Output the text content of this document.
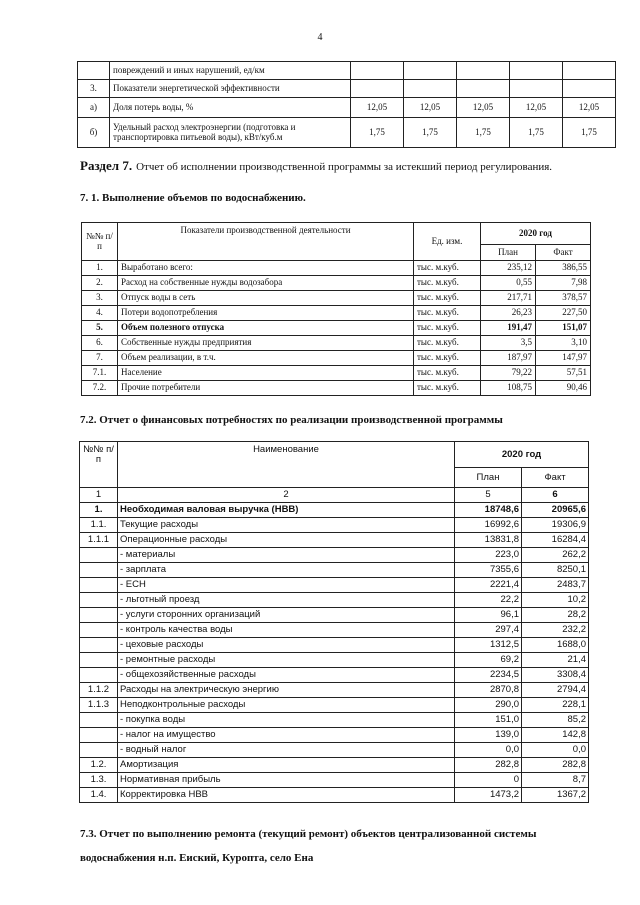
4
	повреждений и иных нарушений, ед/км					
3.	Показатели энергетической эффективности					
а)	Доля потерь воды, %	12,05	12,05	12,05	12,05	12,05
б)	Удельный расход электроэнергии (подготовка и транспортировка питьевой воды), кВт/куб.м	1,75	1,75	1,75	1,75	1,75
Раздел 7. Отчет об исполнении производственной программы за истекший период регулирования.
7. 1. Выполнение объемов по водоснабжению.
№№ п/п	Показатели производственной деятельности	Ед. изм.	2020 год	
			План	Факт
1.	Выработано всего:	тыс. м.куб.	235,12	386,55
2.	Расход на собственные нужды водозабора	тыс. м.куб.	0,55	7,98
3.	Отпуск воды в сеть	тыс. м.куб.	217,71	378,57
4.	Потери водопотребления	тыс. м.куб.	26,23	227,50
5.	Объем полезного отпуска	тыс. м.куб.	191,47	151,07
6.	Собственные нужды предприятия	тыс. м.куб.	3,5	3,10
7.	Объем реализации, в т.ч.	тыс. м.куб.	187,97	147,97
7.1.	Население	тыс. м.куб.	79,22	57,51
7.2.	Прочие потребители	тыс. м.куб.	108,75	90,46
7.2. Отчет о финансовых потребностях по реализации производственной программы
№№ п/п	Наименование	2020 год	
		План	Факт
1	2	5	6
1.	Необходимая валовая выручка (НВВ)	18748,6	20965,6
1.1.	Текущие расходы	16992,6	19306,9
1.1.1	Операционные расходы	13831,8	16284,4
	- материалы	223,0	262,2
	- зарплата	7355,6	8250,1
	- ЕСН	2221,4	2483,7
	- льготный проезд	22,2	10,2
	- услуги сторонних организаций	96,1	28,2
	- контроль качества воды	297,4	232,2
	- цеховые расходы	1312,5	1688,0
	- ремонтные расходы	69,2	21,4
	- общехозяйственные расходы	2234,5	3308,4
1.1.2	Расходы на электрическую энергию	2870,8	2794,4
1.1.3	Неподконтрольные расходы	290,0	228,1
	- покупка воды	151,0	85,2
	- налог на имущество	139,0	142,8
	- водный налог	0,0	0,0
1.2.	Амортизация	282,8	282,8
1.3.	Нормативная прибыль	0	8,7
1.4.	Корректировка НВВ	1473,2	1367,2
7.3. Отчет по выполнению ремонта (текущий ремонт) объектов централизованной системы
водоснабжения н.п. Еиский, Куропта, село Ена
